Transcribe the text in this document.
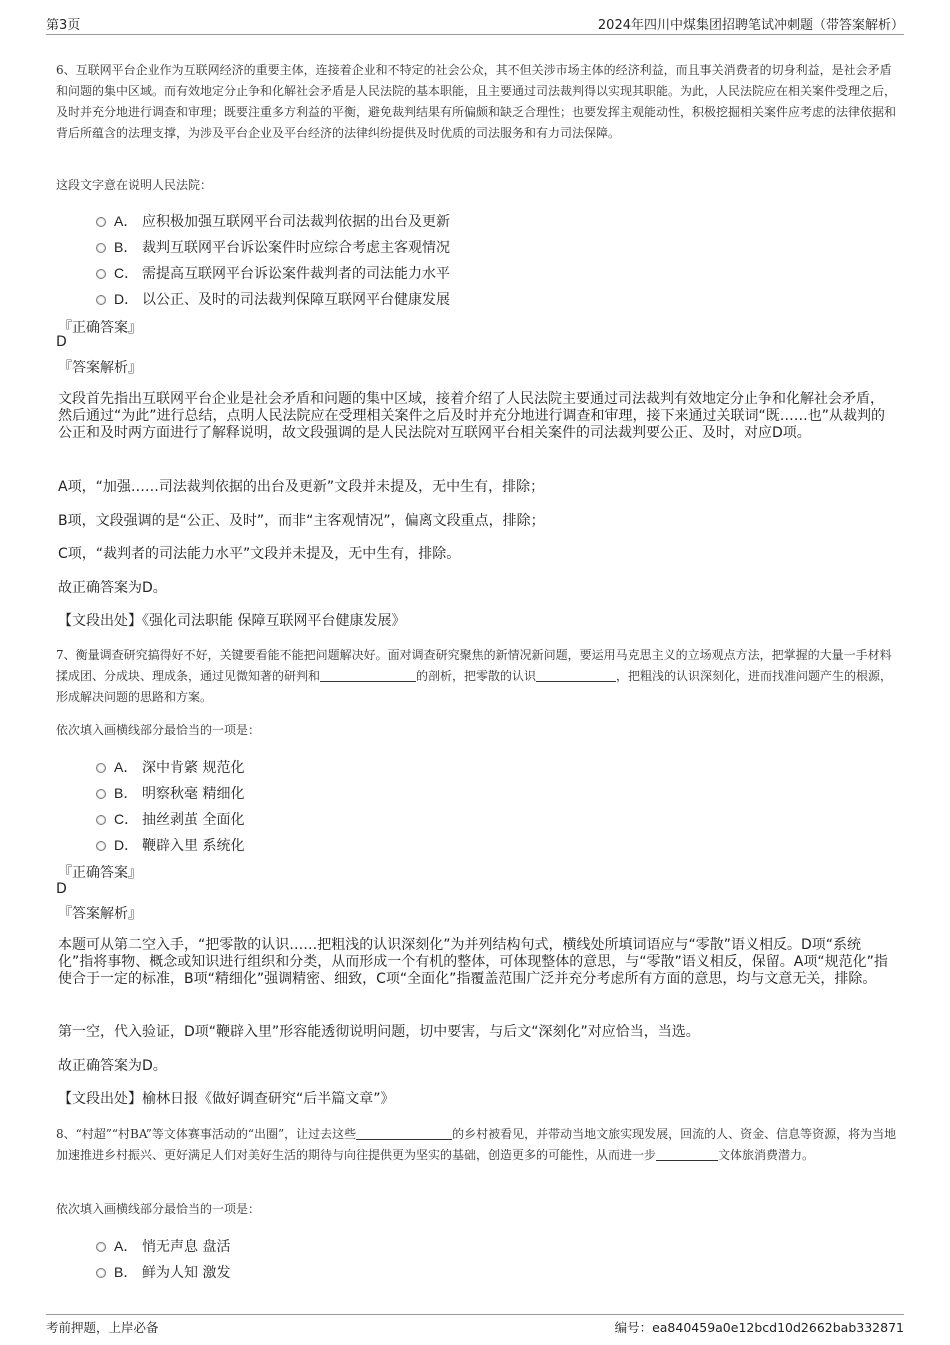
第3页	2024年四川中煤集团招聘笔试冲刺题（带答案解析）
6、互联网平台企业作为互联网经济的重要主体，连接着企业和不特定的社会公众，其不但关涉市场主体的经济利益，而且事关消费者的切身利益，是社会矛盾和问题的集中区域。而有效地定分止争和化解社会矛盾是人民法院的基本职能，且主要通过司法裁判得以实现其职能。为此，人民法院应在相关案件受理之后，及时并充分地进行调查和审理；既要注重多方利益的平衡，避免裁判结果有所偏颇和缺乏合理性；也要发挥主观能动性，积极挖掘相关案件应考虑的法律依据和背后所蕴含的法理支撑，为涉及平台企业及平台经济的法律纠纷提供及时优质的司法服务和有力司法保障。
这段文字意在说明人民法院：
A． 应积极加强互联网平台司法裁判依据的出台及更新
B． 裁判互联网平台诉讼案件时应综合考虑主客观情况
C． 需提高互联网平台诉讼案件裁判者的司法能力水平
D． 以公正、及时的司法裁判保障互联网平台健康发展
『正确答案』
D
『答案解析』
文段首先指出互联网平台企业是社会矛盾和问题的集中区域，接着介绍了人民法院主要通过司法裁判有效地定分止争和化解社会矛盾，然后通过“为此”进行总结，点明人民法院应在受理相关案件之后及时并充分地进行调查和审理，接下来通过关联词“既……也”从裁判的公正和及时两方面进行了解释说明，故文段强调的是人民法院对互联网平台相关案件的司法裁判要公正、及时，对应D项。
A项，“加强……司法裁判依据的出台及更新”文段并未提及，无中生有，排除；
B项，文段强调的是“公正、及时”，而非“主客观情况”，偏离文段重点，排除；
C项，“裁判者的司法能力水平”文段并未提及，无中生有，排除。
故正确答案为D。
【文段出处】《强化司法职能 保障互联网平台健康发展》
7、衡量调查研究搞得好不好，关键要看能不能把问题解决好。面对调查研究聚焦的新情况新问题，要运用马克思主义的立场观点方法，把掌握的大量一手材料揉成团、分成块、理成条，通过见微知著的研判和	的剖析，把零散的认识	，把粗浅的认识深刻化，进而找准问题产生的根源，形成解决问题的思路和方案。
依次填入画横线部分最恰当的一项是：
A． 深中肯綮 规范化
B． 明察秋毫 精细化
C． 抽丝剥茧 全面化
D． 鞭辟入里 系统化
『正确答案』
D
『答案解析』
本题可从第二空入手，“把零散的认识……把粗浅的认识深刻化”为并列结构句式，横线处所填词语应与“零散”语义相反。D项“系统化”指将事物、概念或知识进行组织和分类，从而形成一个有机的整体，可体现整体的意思，与“零散”语义相反，保留。A项“规范化”指使合于一定的标准，B项“精细化”强调精密、细致，C项“全面化”指覆盖范围广泛并充分考虑所有方面的意思，均与文意无关，排除。
第一空，代入验证，D项“鞭辟入里”形容能透彻说明问题，切中要害，与后文“深刻化”对应恰当，当选。
故正确答案为D。
【文段出处】榆林日报《做好调查研究“后半篇文章”》
8、“村超”“村BA”等文体赛事活动的“出圈”，让过去这些	的乡村被看见，并带动当地文旅实现发展，回流的人、资金、信息等资源，将为当地加速推进乡村振兴、更好满足人们对美好生活的期待与向往提供更为坚实的基础，创造更多的可能性，从而进一步	文体旅消费潜力。
依次填入画横线部分最恰当的一项是：
A． 悄无声息 盘活
B． 鲜为人知 激发
考前押题，上岸必备	编号：ea840459a0e12bcd10d2662bab332871
